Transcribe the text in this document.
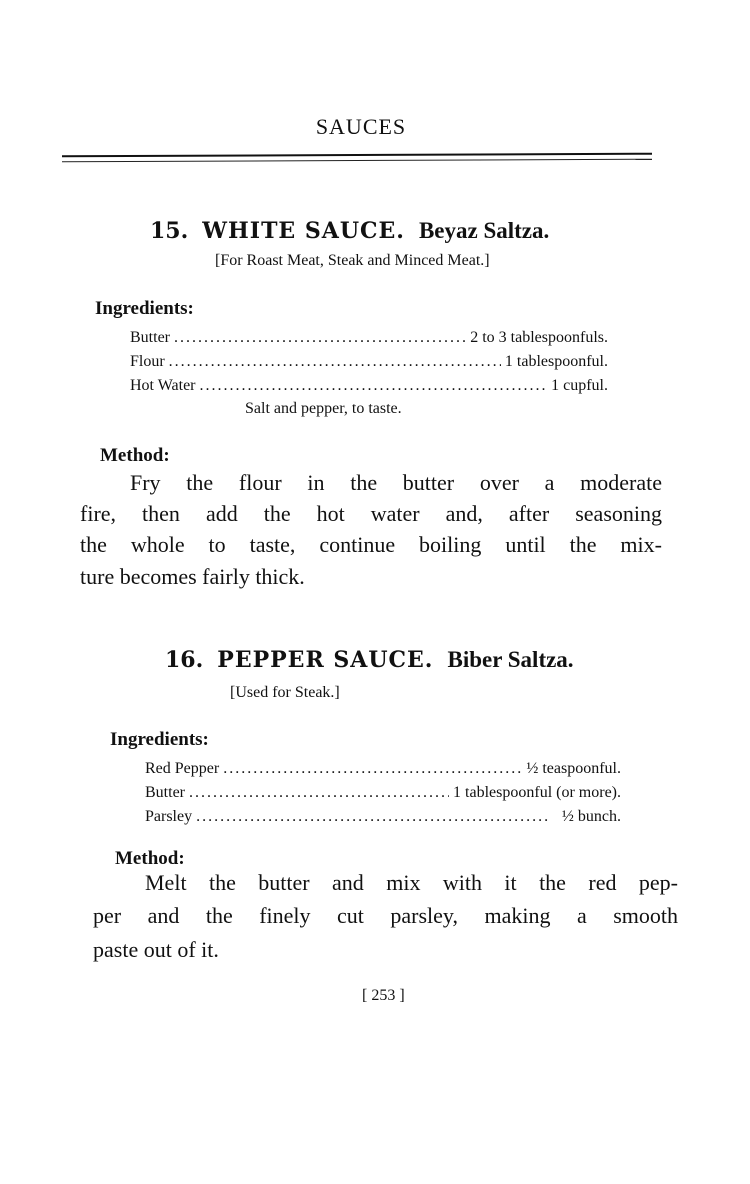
SAUCES
15. WHITE SAUCE. Beyaz Saltza.
[For Roast Meat, Steak and Minced Meat.]
Ingredients:
Butter . . .	2 to 3 tablespoonfuls.
Flour . . .	1 tablespoonful.
Hot Water . . .	1 cupful.
Salt and pepper, to taste.
Method:
Fry the flour in the butter over a moderate
fire, then add the hot water and, after seasoning
the whole to taste, continue boiling until the mix-
ture becomes fairly thick.
16. PEPPER SAUCE. Biber Saltza.
[Used for Steak.]
Ingredients:
Red Pepper . . .	½ teaspoonful.
Butter . . .	1 tablespoonful (or more).
Parsley . . .	½ bunch.
Method:
Melt the butter and mix with it the red pep-
per and the finely cut parsley, making a smooth
paste out of it.
[ 253 ]
